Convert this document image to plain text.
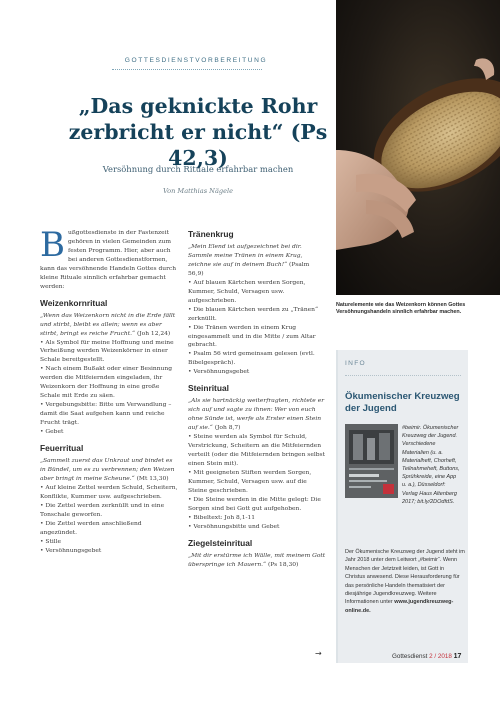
GOTTESDIENSTVORBEREITUNG
„Das geknickte Rohr
zerbricht er nicht“ (Ps 42,3)
Versöhnung durch Rituale erfahrbar machen
Von Matthias Nägele

Bußgottesdienste in der Fastenzeit gehören in vielen Gemeinden zum festen Programm. Hier, aber auch bei anderen Gottesdienstformen, kann das versöhnende Handeln Gottes durch kleine Rituale sinnlich erfahrbar gemacht werden:

Weizenkornritual

„Wenn das Weizenkorn nicht in die Erde fällt und stirbt, bleibt es allein; wenn es aber stirbt, bringt es reiche Frucht.“ (Joh 12,24)

• Als Symbol für meine Hoffnung und meine Verheißung werden Weizenkörner in einer Schale bereitgestellt.

• Nach einem Bußakt oder einer Besinnung werden die Mitfeiernden eingeladen, ihr Weizenkorn der Hoffnung in eine große Schale mit Erde zu säen.

• Vergebungsbitte: Bitte um Verwandlung – damit die Saat aufgehen kann und reiche Frucht trägt.

• Gebet

Feuerritual

„Sammelt zuerst das Unkraut und bindet es in Bündel, um es zu verbrennen; den Weizen aber bringt in meine Scheune.“ (Mt 13,30)

• Auf kleine Zettel werden Schuld, Scheitern, Konflikte, Kummer usw. aufgeschrieben.

• Die Zettel werden zerknüllt und in eine Tonschale geworfen.

• Die Zettel werden anschließend angezündet.

• Stille

• Versöhnungsgebet

Tränenkrug

„Mein Elend ist aufgezeichnet bei dir. Sammle meine Tränen in einem Krug, zeichne sie auf in deinem Buch!“ (Psalm 56,9)

• Auf blauen Kärtchen werden Sorgen, Kummer, Schuld, Versagen usw. aufgeschrieben.

• Die blauen Kärtchen werden zu „Tränen“ zerknüllt.

• Die Tränen werden in einem Krug eingesammelt und in die Mitte / zum Altar gebracht.

• Psalm 56 wird gemeinsam gelesen (evtl. Bibelgespräch).

• Versöhnungsgebet

Steinritual

„Als sie hartnäckig weiterfragten, richtete er sich auf und sagte zu ihnen: Wer von euch ohne Sünde ist, werfe als Erster einen Stein auf sie.“ (Joh 8,7)

• Steine werden als Symbol für Schuld, Verstrickung, Scheitern an die Mitfeiernden verteilt (oder die Mitfeiernden bringen selbst einen Stein mit).

• Mit geeigneten Stiften werden Sorgen, Kummer, Schuld, Versagen usw. auf die Steine geschrieben.

• Die Steine werden in die Mitte gelegt: Die Sorgen sind bei Gott gut aufgehoben.

• Bibeltext: Joh 8,1-11

• Versöhnungsbitte und Gebet

Ziegelsteinritual

„Mit dir erstürme ich Wälle, mit meinem Gott überspringe ich Mauern.“ (Ps 18,30)

→
Naturelemente wie das Weizenkorn können Gottes Versöhnungshandeln sinnlich erfahrbar machen.
INFO
Ökumenischer Kreuzweg der Jugend
#beimir. Ökumenischer Kreuzweg der Jugend. Verschiedene Materialien (u. a. Materialheft, Chorheft, Teilnahmeheft, Buttons, Sprühkreide, eine App u. a.), Düsseldorf: Verlag Haus Altenberg 2017; bit.ly/2DOdfdS.
Der Ökumenische Kreuzweg der Jugend steht im Jahr 2018 unter dem Leitwort „#beimir“. Wenn Menschen der Jetztzeit leiden, ist Gott in Christus anwesend. Diese Herausforderung für das persönliche Handeln thematisiert der diesjährige Jugendkreuzweg. Weitere Informationen unter www.jugendkreuzweg-online.de.
Gottesdienst 2 / 2018 17
